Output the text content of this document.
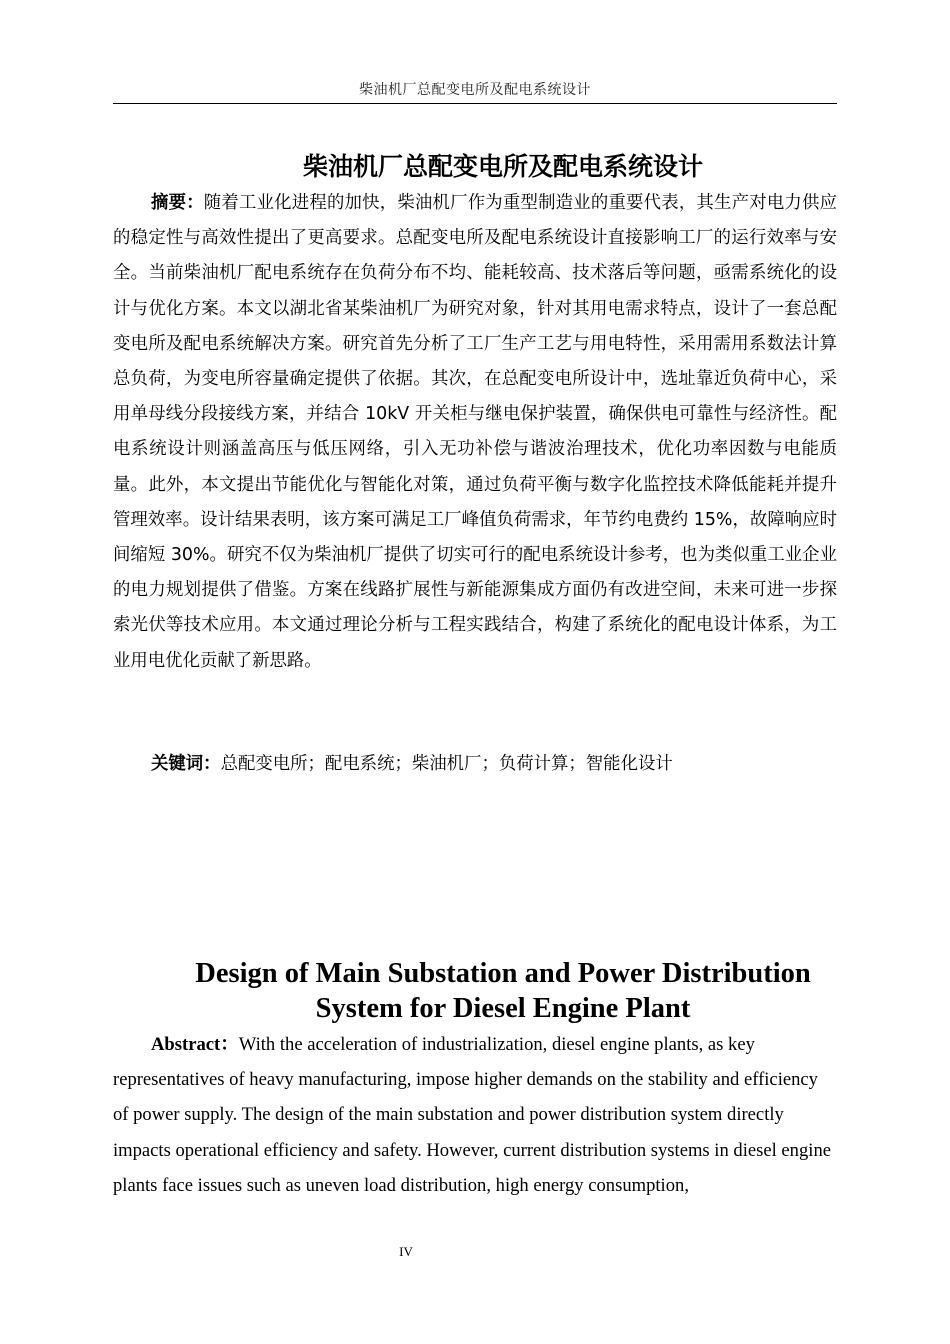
柴油机厂总配变电所及配电系统设计
柴油机厂总配变电所及配电系统设计

摘要：随着工业化进程的加快，柴油机厂作为重型制造业的重要代表，其生产对电力供应的稳定性与高效性提出了更高要求。总配变电所及配电系统设计直接影响工厂的运行效率与安全。当前柴油机厂配电系统存在负荷分布不均、能耗较高、技术落后等问题，亟需系统化的设计与优化方案。本文以湖北省某柴油机厂为研究对象，针对其用电需求特点，设计了一套总配变电所及配电系统解决方案。研究首先分析了工厂生产工艺与用电特性，采用需用系数法计算总负荷，为变电所容量确定提供了依据。其次，在总配变电所设计中，选址靠近负荷中心，采用单母线分段接线方案，并结合 10kV 开关柜与继电保护装置，确保供电可靠性与经济性。配电系统设计则涵盖高压与低压网络，引入无功补偿与谐波治理技术，优化功率因数与电能质量。此外，本文提出节能优化与智能化对策，通过负荷平衡与数字化监控技术降低能耗并提升管理效率。设计结果表明，该方案可满足工厂峰值负荷需求，年节约电费约 15%，故障响应时间缩短 30%。研究不仅为柴油机厂提供了切实可行的配电系统设计参考，也为类似重工业企业的电力规划提供了借鉴。方案在线路扩展性与新能源集成方面仍有改进空间，未来可进一步探索光伏等技术应用。本文通过理论分析与工程实践结合，构建了系统化的配电设计体系，为工业用电优化贡献了新思路。

关键词：总配变电所；配电系统；柴油机厂；负荷计算；智能化设计

Design of Main Substation and Power Distribution System for Diesel Engine Plant

Abstract：With the acceleration of industrialization, diesel engine plants, as key representatives of heavy manufacturing, impose higher demands on the stability and efficiency of power supply. The design of the main substation and power distribution system directly impacts operational efficiency and safety. However, current distribution systems in diesel engine plants face issues such as uneven load distribution, high energy consumption,

IV
